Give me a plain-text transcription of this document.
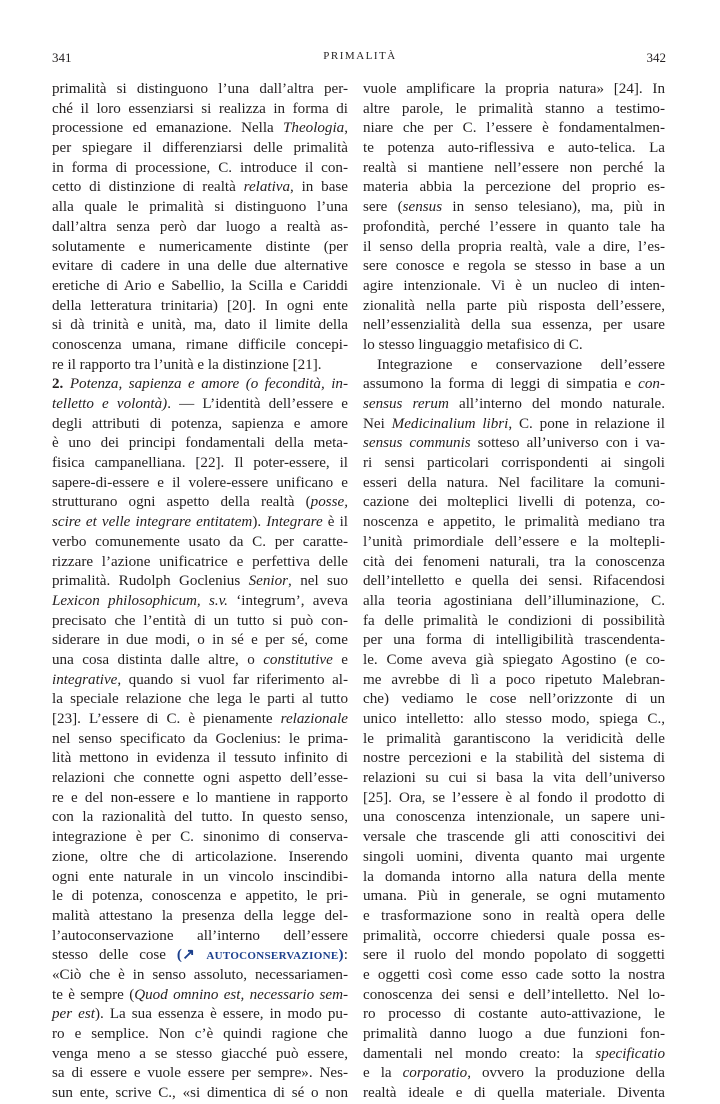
341	PRIMALITÀ	342
primalità si distinguono l’una dall’altra per-
ché il loro essenziarsi si realizza in forma di
processione ed emanazione. Nella Theologia,
per spiegare il differenziarsi delle primalità
in forma di processione, C. introduce il con-
cetto di distinzione di realtà relativa, in base
alla quale le primalità si distinguono l’una
dall’altra senza però dar luogo a realtà as-
solutamente e numericamente distinte (per
evitare di cadere in una delle due alternative
eretiche di Ario e Sabellio, la Scilla e Cariddi
della letteratura trinitaria) [20]. In ogni ente
si dà trinità e unità, ma, dato il limite della
conoscenza umana, rimane difficile concepi-
re il rapporto tra l’unità e la distinzione [21].
2. Potenza, sapienza e amore (o fecondità, in-
telletto e volontà). — L’identità dell’essere e
degli attributi di potenza, sapienza e amore
è uno dei principi fondamentali della meta-
fisica campanelliana. [22]. Il poter-essere, il
sapere-di-essere e il volere-essere unificano e
strutturano ogni aspetto della realtà (posse,
scire et velle integrare entitatem). Integrare è il
verbo comunemente usato da C. per caratte-
rizzare l’azione unificatrice e perfettiva delle
primalità. Rudolph Goclenius Senior, nel suo
Lexicon philosophicum, s.v. ‘integrum’, aveva
precisato che l’entità di un tutto si può con-
siderare in due modi, o in sé e per sé, come
una cosa distinta dalle altre, o constitutive e
integrative, quando si vuol far riferimento al-
la speciale relazione che lega le parti al tutto
[23]. L’essere di C. è pienamente relazionale
nel senso specificato da Goclenius: le prima-
lità mettono in evidenza il tessuto infinito di
relazioni che connette ogni aspetto dell’esse-
re e del non-essere e lo mantiene in rapporto
con la razionalità del tutto. In questo senso,
integrazione è per C. sinonimo di conserva-
zione, oltre che di articolazione. Inserendo
ogni ente naturale in un vincolo inscindibi-
le di potenza, conoscenza e appetito, le pri-
malità attestano la presenza della legge del-
l’autoconservazione all’interno dell’essere
stesso delle cose (↗ autoconservazione):
«Ciò che è in senso assoluto, necessariamen-
te è sempre (Quod omnino est, necessario sem-
per est). La sua essenza è essere, in modo pu-
ro e semplice. Non c’è quindi ragione che
venga meno a se stesso giacché può essere,
sa di essere e vuole essere per sempre». Nes-
sun ente, scrive C., «si dimentica di sé o non
vuole amplificare la propria natura» [24]. In
altre parole, le primalità stanno a testimo-
niare che per C. l’essere è fondamentalmen-
te potenza auto-riflessiva e auto-telica. La
realtà si mantiene nell’essere non perché la
materia abbia la percezione del proprio es-
sere (sensus in senso telesiano), ma, più in
profondità, perché l’essere in quanto tale ha
il senso della propria realtà, vale a dire, l’es-
sere conosce e regola se stesso in base a un
agire intenzionale. Vi è un nucleo di inten-
zionalità nella parte più risposta dell’essere,
nell’essenzialità della sua essenza, per usare
lo stesso linguaggio metafisico di C.
Integrazione e conservazione dell’essere
assumono la forma di leggi di simpatia e con-
sensus rerum all’interno del mondo naturale.
Nei Medicinalium libri, C. pone in relazione il
sensus communis sotteso all’universo con i va-
ri sensi particolari corrispondenti ai singoli
esseri della natura. Nel facilitare la comuni-
cazione dei molteplici livelli di potenza, co-
noscenza e appetito, le primalità mediano tra
l’unità primordiale dell’essere e la moltepli-
cità dei fenomeni naturali, tra la conoscenza
dell’intelletto e quella dei sensi. Rifacendosi
alla teoria agostiniana dell’illuminazione, C.
fa delle primalità le condizioni di possibilità
per una forma di intelligibilità trascendenta-
le. Come aveva già spiegato Agostino (e co-
me avrebbe di lì a poco ripetuto Malebran-
che) vediamo le cose nell’orizzonte di un
unico intelletto: allo stesso modo, spiega C.,
le primalità garantiscono la veridicità delle
nostre percezioni e la stabilità del sistema di
relazioni su cui si basa la vita dell’universo
[25]. Ora, se l’essere è al fondo il prodotto di
una conoscenza intenzionale, un sapere uni-
versale che trascende gli atti conoscitivi dei
singoli uomini, diventa quanto mai urgente
la domanda intorno alla natura della mente
umana. Più in generale, se ogni mutamento
e trasformazione sono in realtà opera delle
primalità, occorre chiedersi quale possa es-
sere il ruolo del mondo popolato di soggetti
e oggetti così come esso cade sotto la nostra
conoscenza dei sensi e dell’intelletto. Nel lo-
ro processo di costante auto-attivazione, le
primalità danno luogo a due funzioni fon-
damentali nel mondo creato: la specificatio
e la corporatio, ovvero la produzione della
realtà ideale e di quella materiale. Diventa
